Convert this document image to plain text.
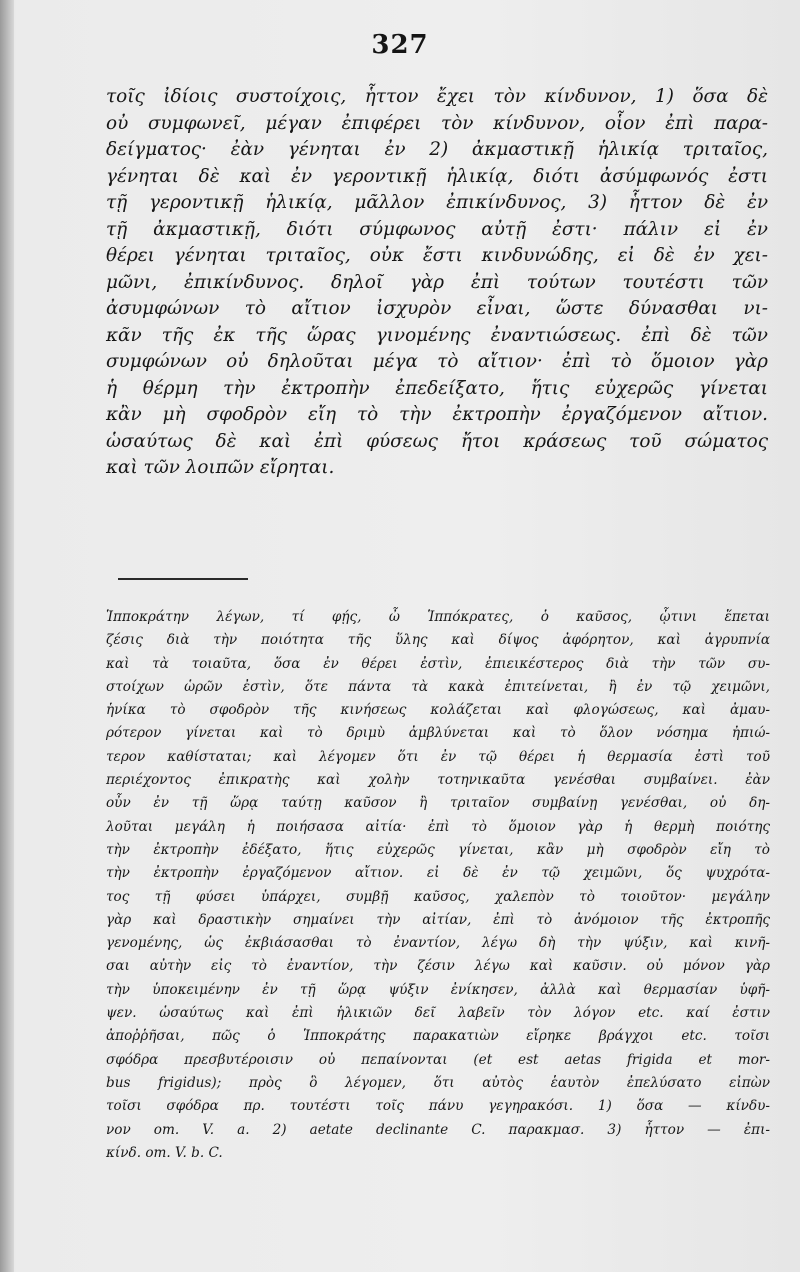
327
τοῖς ἰδίοις συστοίχοις, ἧττον ἔχει τὸν κίνδυνον, 1) ὅσα δὲ
οὐ συμφωνεῖ, μέγαν ἐπιφέρει τὸν κίνδυνον, οἷον ἐπὶ παρα-
δείγματος· ἐὰν γένηται ἐν 2) ἀκμαστικῇ ἡλικίᾳ τριταῖος,
γένηται δὲ καὶ ἐν γεροντικῇ ἡλικίᾳ, διότι ἀσύμφωνός ἐστι
τῇ γεροντικῇ ἡλικίᾳ, μᾶλλον ἐπικίνδυνος, 3) ἧττον δὲ ἐν
τῇ ἀκμαστικῇ, διότι σύμφωνος αὐτῇ ἐστι· πάλιν εἰ ἐν
θέρει γένηται τριταῖος, οὐκ ἔστι κινδυνώδης, εἰ δὲ ἐν χει-
μῶνι, ἐπικίνδυνος. δηλοῖ γὰρ ἐπὶ τούτων τουτέστι τῶν
ἀσυμφώνων τὸ αἴτιον ἰσχυρὸν εἶναι, ὥστε δύνασθαι νι-
κᾶν τῆς ἐκ τῆς ὥρας γινομένης ἐναντιώσεως. ἐπὶ δὲ τῶν
συμφώνων οὐ δηλοῦται μέγα τὸ αἴτιον· ἐπὶ τὸ ὅμοιον γὰρ
ἡ θέρμη τὴν ἐκτροπὴν ἐπεδείξατο, ἥτις εὐχερῶς γίνεται
κἂν μὴ σφοδρὸν εἴη τὸ τὴν ἐκτροπὴν ἐργαζόμενον αἴτιον.
ὡσαύτως δὲ καὶ ἐπὶ φύσεως ἤτοι κράσεως τοῦ σώματος
καὶ τῶν λοιπῶν εἴρηται.
Ἱπποκράτην λέγων, τί φῄς, ὦ Ἱππόκρατες, ὁ καῦσος, ᾧτινι ἕπεται
ζέσις διὰ τὴν ποιότητα τῆς ὕλης καὶ δίψος ἀφόρητον, καὶ ἀγρυπνία
καὶ τὰ τοιαῦτα, ὅσα ἐν θέρει ἐστὶν, ἐπιεικέστερος διὰ τὴν τῶν συ-
στοίχων ὡρῶν ἐστὶν, ὅτε πάντα τὰ κακὰ ἐπιτείνεται, ἢ ἐν τῷ χειμῶνι,
ἡνίκα τὸ σφοδρὸν τῆς κινήσεως κολάζεται καὶ φλογώσεως, καὶ ἀμαυ-
ρότερον γίνεται καὶ τὸ δριμὺ ἀμβλύνεται καὶ τὸ ὅλον νόσημα ἠπιώ-
τερον καθίσταται; καὶ λέγομεν ὅτι ἐν τῷ θέρει ἡ θερμασία ἐστὶ τοῦ
περιέχοντος ἐπικρατὴς καὶ χολὴν τοτηνικαῦτα γενέσθαι συμβαίνει. ἐὰν
οὖν ἐν τῇ ὥρᾳ ταύτῃ καῦσον ἢ τριταῖον συμβαίνῃ γενέσθαι, οὐ δη-
λοῦται μεγάλη ἡ ποιήσασα αἰτία· ἐπὶ τὸ ὅμοιον γὰρ ἡ θερμὴ ποιότης
τὴν ἐκτροπὴν ἐδέξατο, ἥτις εὐχερῶς γίνεται, κἂν μὴ σφοδρὸν εἴη τὸ
τὴν ἐκτροπὴν ἐργαζόμενον αἴτιον. εἰ δὲ ἐν τῷ χειμῶνι, ὅς ψυχρότα-
τος τῇ φύσει ὑπάρχει, συμβῇ καῦσος, χαλεπὸν τὸ τοιοῦτον· μεγάλην
γὰρ καὶ δραστικὴν σημαίνει τὴν αἰτίαν, ἐπὶ τὸ ἀνόμοιον τῆς ἐκτροπῆς
γενομένης, ὡς ἐκβιάσασθαι τὸ ἐναντίον, λέγω δὴ τὴν ψύξιν, καὶ κινῆ-
σαι αὐτὴν εἰς τὸ ἐναντίον, τὴν ζέσιν λέγω καὶ καῦσιν. οὐ μόνον γὰρ
τὴν ὑποκειμένην ἐν τῇ ὥρᾳ ψύξιν ἐνίκησεν, ἀλλὰ καὶ θερμασίαν ὑφῆ-
ψεν. ὡσαύτως καὶ ἐπὶ ἡλικιῶν δεῖ λαβεῖν τὸν λόγον etc. καί ἐστιν
ἀποῤῥῆσαι, πῶς ὁ Ἱπποκράτης παρακατιὼν εἴρηκε βράγχοι etc. τοῖσι
σφόδρα πρεσβυτέροισιν οὐ πεπαίνονται (et est aetas frigida et mor-
bus frigidus); πρὸς ὃ λέγομεν, ὅτι αὐτὸς ἑαυτὸν ἐπελύσατο εἰπὼν
τοῖσι σφόδρα πρ. τουτέστι τοῖς πάνυ γεγηρακόσι. 1) ὅσα — κίνδυ-
νον om. V. a. 2) aetate declinante C. παρακμασ. 3) ἧττον — ἐπι-
κίνδ. om. V. b. C.
